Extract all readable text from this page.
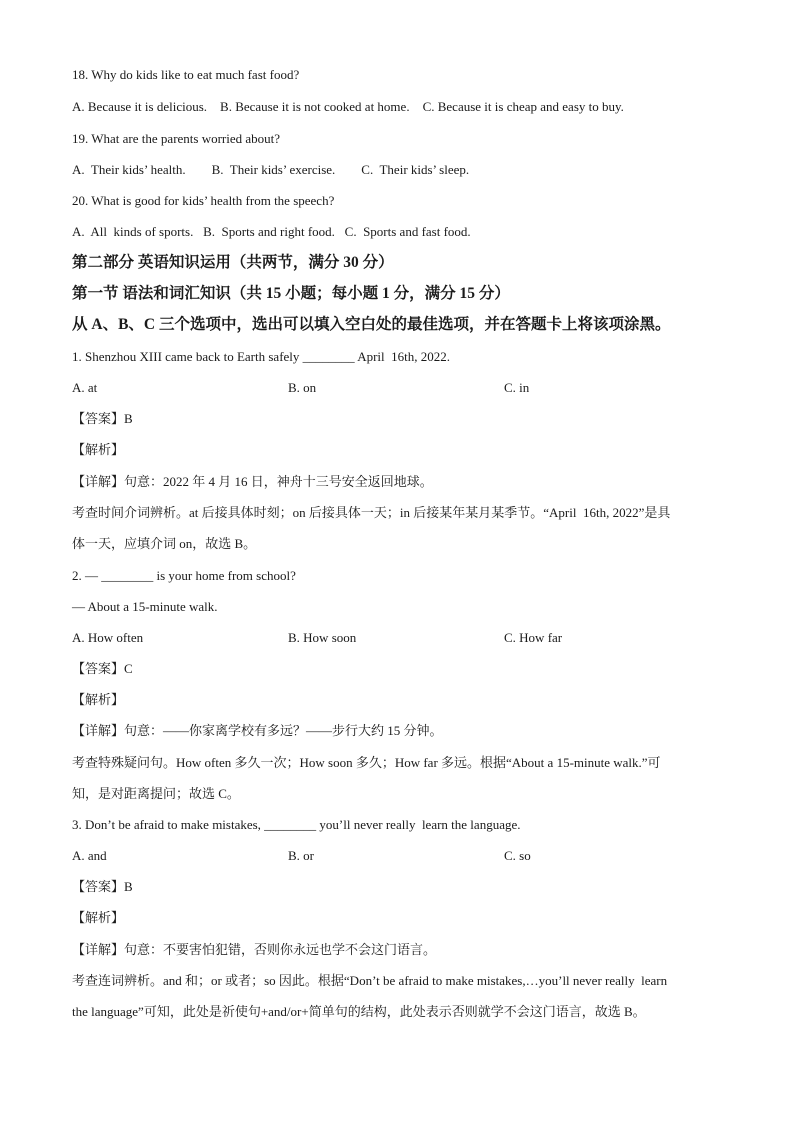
18. Why do kids like to eat much fast food?
A. Because it is delicious.    B. Because it is not cooked at home.    C. Because it is cheap and easy to buy.
19. What are the parents worried about?
A.  Their kids’ health.        B.  Their kids’ exercise.        C.  Their kids’ sleep.
20. What is good for kids’ health from the speech?
A.  All  kinds of sports.   B.  Sports and right food.   C.  Sports and fast food.
第二部分 英语知识运用（共两节，满分 30 分）
第一节 语法和词汇知识（共 15 小题；每小题 1 分，满分 15 分）
从 A、B、C 三个选项中，选出可以填入空白处的最佳选项，并在答题卡上将该项涂黑。
1. Shenzhou XIII came back to Earth safely ________ April  16th, 2022.
A. at	B. on	C. in
【答案】B
【解析】
【详解】句意：2022 年 4 月 16 日，神舟十三号安全返回地球。
考查时间介词辨析。at 后接具体时刻；on 后接具体一天；in 后接某年某月某季节。“April  16th, 2022”是具
体一天，应填介词 on，故选 B。
2. — ________ is your home from school?
— About a 15-minute walk.
A. How often	B. How soon	C. How far
【答案】C
【解析】
【详解】句意：——你家离学校有多远？——步行大约 15 分钟。
考查特殊疑问句。How often 多久一次；How soon 多久；How far 多远。根据“About a 15-minute walk.”可
知，是对距离提问；故选 C。
3. Don’t be afraid to make mistakes, ________ you’ll never really  learn the language.
A. and	B. or	C. so
【答案】B
【解析】
【详解】句意：不要害怕犯错，否则你永远也学不会这门语言。
考查连词辨析。and 和；or 或者；so 因此。根据“Don’t be afraid to make mistakes,…you’ll never really  learn
the language”可知，此处是祈使句+and/or+简单句的结构，此处表示否则就学不会这门语言，故选 B。
